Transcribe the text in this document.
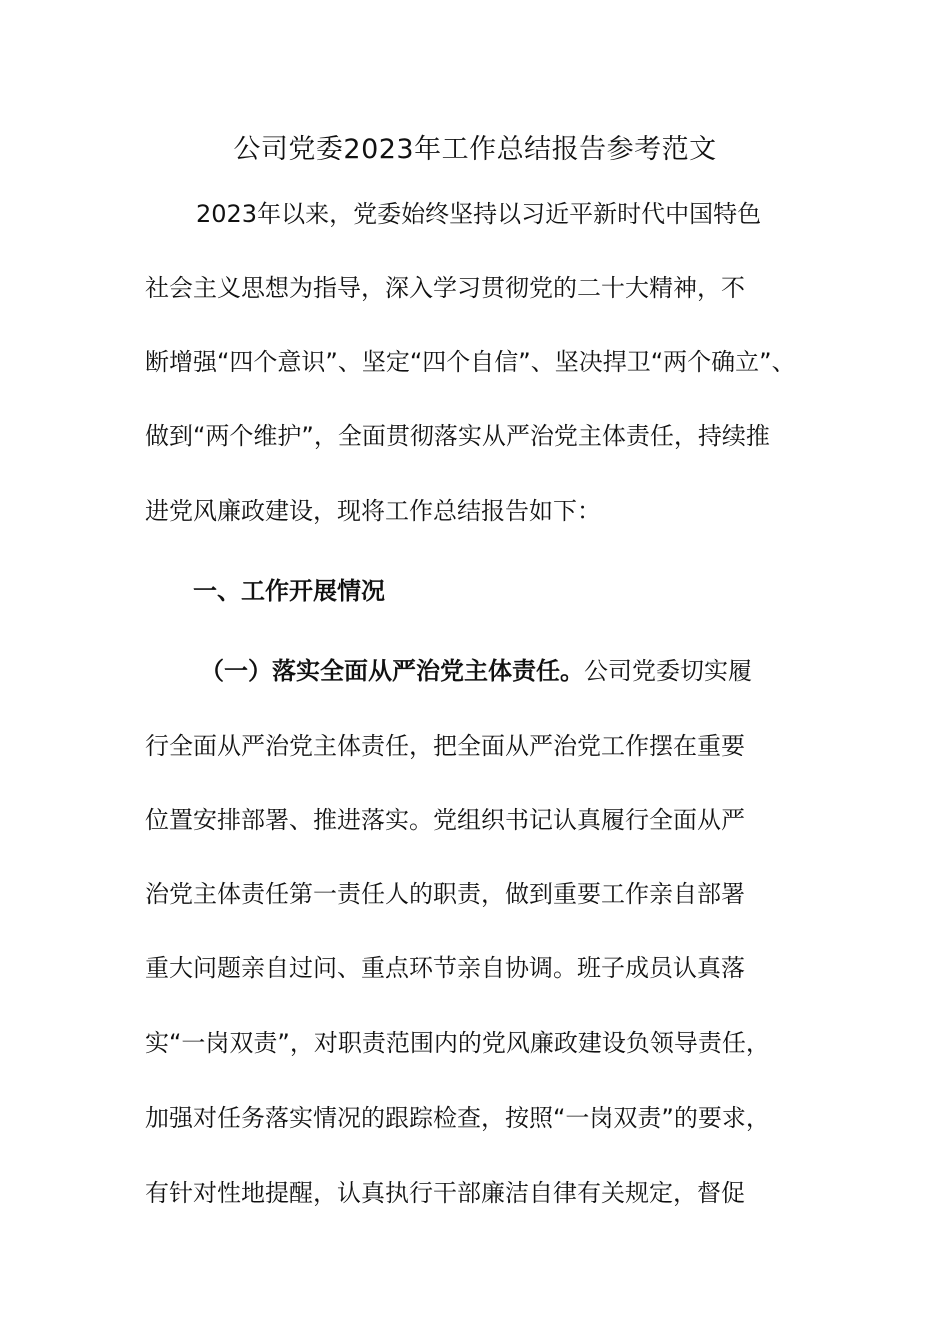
公司党委2023年工作总结报告参考范文
2023年以来，党委始终坚持以习近平新时代中国特色
社会主义思想为指导，深入学习贯彻党的二十大精神，不
断增强“四个意识”、坚定“四个自信”、坚决捍卫“两个确立”、
做到“两个维护”，全面贯彻落实从严治党主体责任，持续推
进党风廉政建设，现将工作总结报告如下：
一、工作开展情况
（一）落实全面从严治党主体责任。公司党委切实履
行全面从严治党主体责任，把全面从严治党工作摆在重要
位置安排部署、推进落实。党组织书记认真履行全面从严
治党主体责任第一责任人的职责，做到重要工作亲自部署
重大问题亲自过问、重点环节亲自协调。班子成员认真落
实“一岗双责”，对职责范围内的党风廉政建设负领导责任，
加强对任务落实情况的跟踪检查，按照“一岗双责”的要求，
有针对性地提醒，认真执行干部廉洁自律有关规定，督促
